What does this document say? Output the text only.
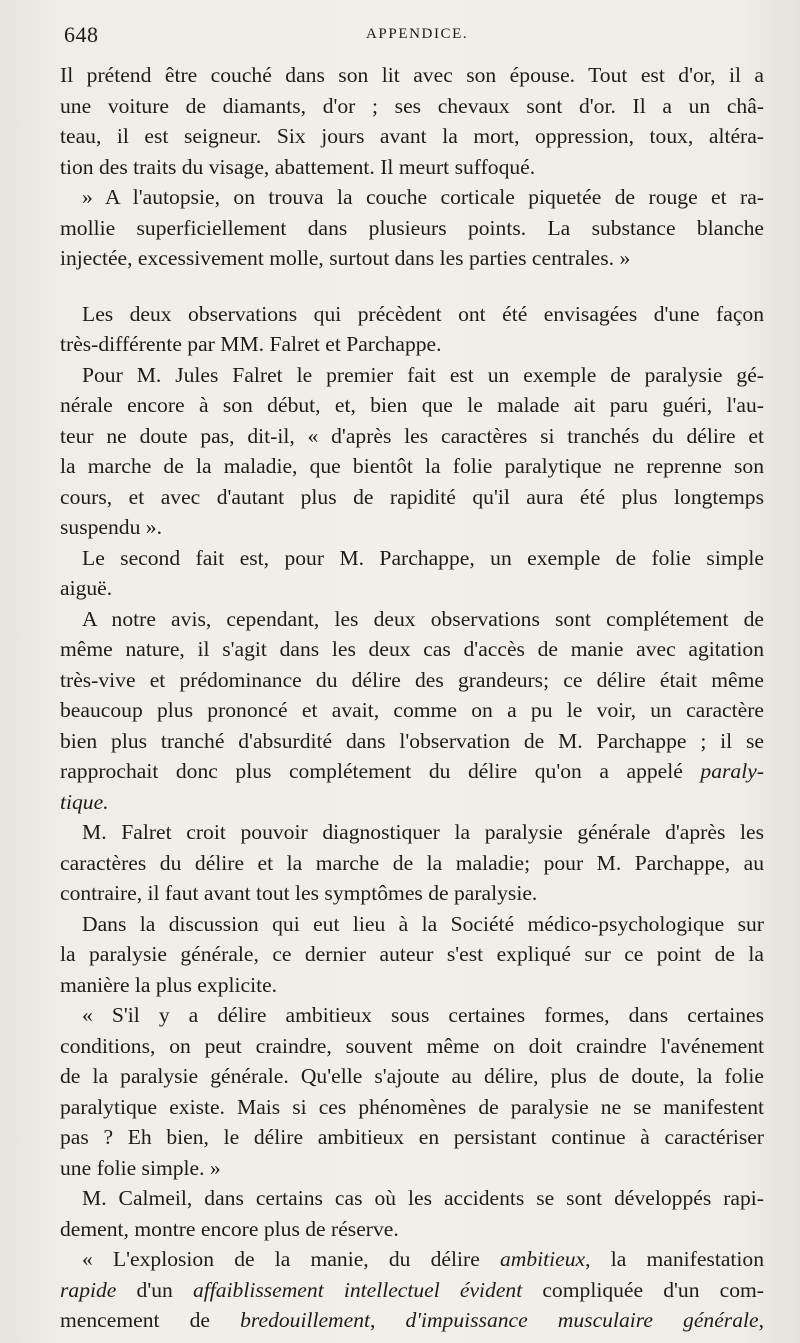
648	APPENDICE.
Il prétend être couché dans son lit avec son épouse. Tout est d'or, il a
une voiture de diamants, d'or ; ses chevaux sont d'or. Il a un châ-
teau, il est seigneur. Six jours avant la mort, oppression, toux, altéra-
tion des traits du visage, abattement. Il meurt suffoqué.
» A l'autopsie, on trouva la couche corticale piquetée de rouge et ra-
mollie superficiellement dans plusieurs points. La substance blanche
injectée, excessivement molle, surtout dans les parties centrales. »
Les deux observations qui précèdent ont été envisagées d'une façon
très-différente par MM. Falret et Parchappe.
Pour M. Jules Falret le premier fait est un exemple de paralysie gé-
nérale encore à son début, et, bien que le malade ait paru guéri, l'au-
teur ne doute pas, dit-il, « d'après les caractères si tranchés du délire et
la marche de la maladie, que bientôt la folie paralytique ne reprenne son
cours, et avec d'autant plus de rapidité qu'il aura été plus longtemps
suspendu ».
Le second fait est, pour M. Parchappe, un exemple de folie simple
aiguë.
A notre avis, cependant, les deux observations sont complétement de
même nature, il s'agit dans les deux cas d'accès de manie avec agitation
très-vive et prédominance du délire des grandeurs; ce délire était même
beaucoup plus prononcé et avait, comme on a pu le voir, un caractère
bien plus tranché d'absurdité dans l'observation de M. Parchappe ; il se
rapprochait donc plus complétement du délire qu'on a appelé paraly-
tique.
M. Falret croit pouvoir diagnostiquer la paralysie générale d'après les
caractères du délire et la marche de la maladie; pour M. Parchappe, au
contraire, il faut avant tout les symptômes de paralysie.
Dans la discussion qui eut lieu à la Société médico-psychologique sur
la paralysie générale, ce dernier auteur s'est expliqué sur ce point de la
manière la plus explicite.
« S'il y a délire ambitieux sous certaines formes, dans certaines
conditions, on peut craindre, souvent même on doit craindre l'avénement
de la paralysie générale. Qu'elle s'ajoute au délire, plus de doute, la folie
paralytique existe. Mais si ces phénomènes de paralysie ne se manifestent
pas ? Eh bien, le délire ambitieux en persistant continue à caractériser
une folie simple. »
M. Calmeil, dans certains cas où les accidents se sont développés rapi-
dement, montre encore plus de réserve.
« L'explosion de la manie, du délire ambitieux, la manifestation
rapide d'un affaiblissement intellectuel évident compliquée d'un com-
mencement de bredouillement, d'impuissance musculaire générale,
